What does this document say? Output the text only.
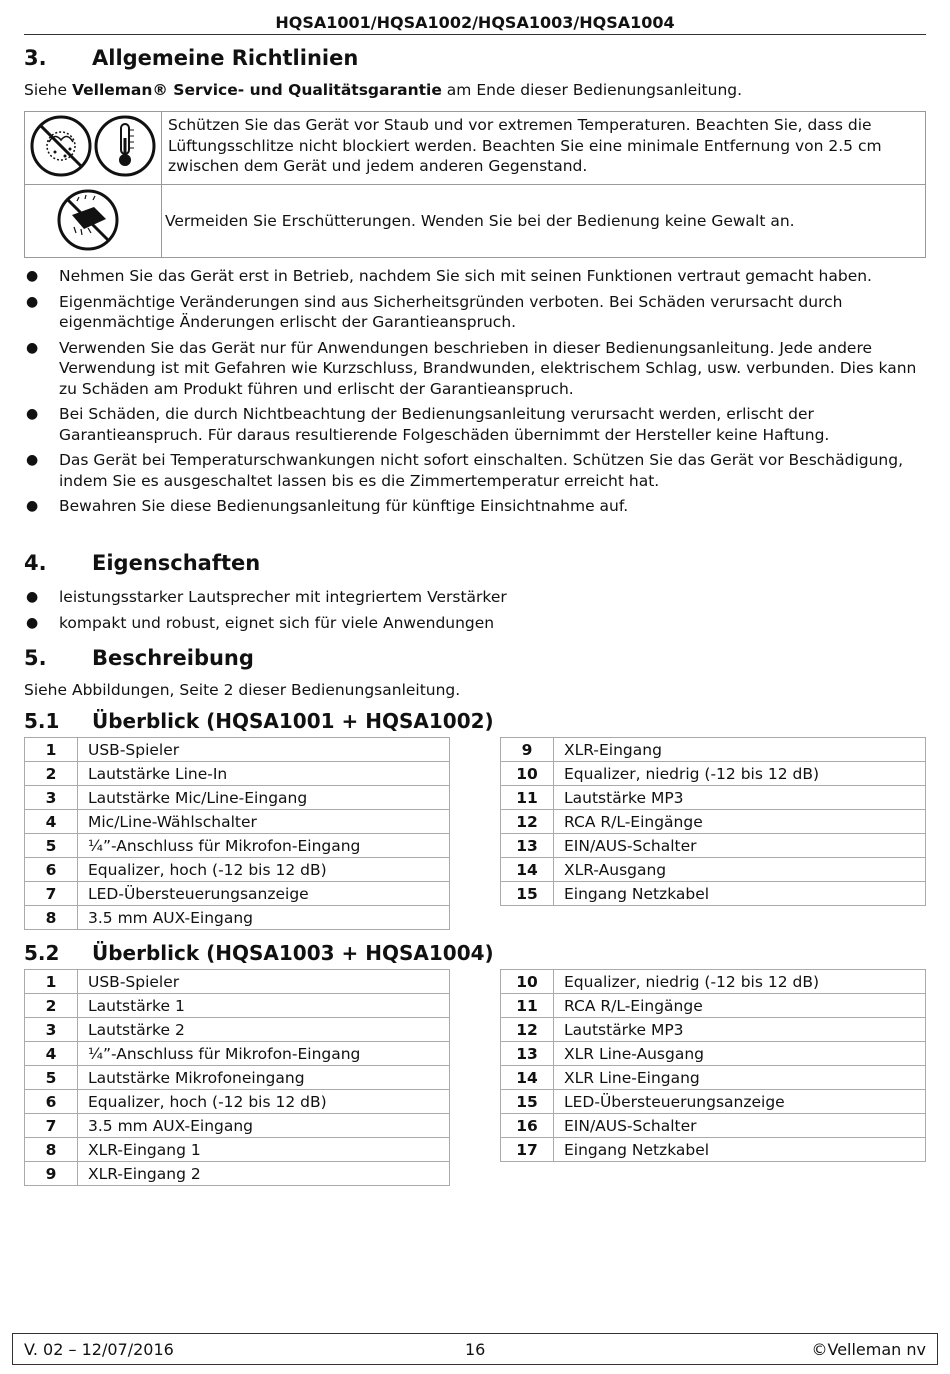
HQSA1001/HQSA1002/HQSA1003/HQSA1004
3. Allgemeine Richtlinien
Siehe Velleman® Service- und Qualitätsgarantie am Ende dieser Bedienungsanleitung.
	Schützen Sie das Gerät vor Staub und vor extremen Temperaturen. Beachten Sie, dass die Lüftungsschlitze nicht blockiert werden. Beachten Sie eine minimale Entfernung von 2.5 cm zwischen dem Gerät und jedem anderen Gegenstand.
	Vermeiden Sie Erschütterungen. Wenden Sie bei der Bedienung keine Gewalt an.
● Nehmen Sie das Gerät erst in Betrieb, nachdem Sie sich mit seinen Funktionen vertraut gemacht haben.
● Eigenmächtige Veränderungen sind aus Sicherheitsgründen verboten. Bei Schäden verursacht durch eigenmächtige Änderungen erlischt der Garantieanspruch.
● Verwenden Sie das Gerät nur für Anwendungen beschrieben in dieser Bedienungsanleitung. Jede andere Verwendung ist mit Gefahren wie Kurzschluss, Brandwunden, elektrischem Schlag, usw. verbunden. Dies kann zu Schäden am Produkt führen und erlischt der Garantieanspruch.
● Bei Schäden, die durch Nichtbeachtung der Bedienungsanleitung verursacht werden, erlischt der Garantieanspruch. Für daraus resultierende Folgeschäden übernimmt der Hersteller keine Haftung.
● Das Gerät bei Temperaturschwankungen nicht sofort einschalten. Schützen Sie das Gerät vor Beschädigung, indem Sie es ausgeschaltet lassen bis es die Zimmertemperatur erreicht hat.
● Bewahren Sie diese Bedienungsanleitung für künftige Einsichtnahme auf.
4. Eigenschaften
● leistungsstarker Lautsprecher mit integriertem Verstärker
● kompakt und robust, eignet sich für viele Anwendungen
5. Beschreibung
Siehe Abbildungen, Seite 2 dieser Bedienungsanleitung.
5.1 Überblick (HQSA1001 + HQSA1002)
1	USB-Spieler
2	Lautstärke Line-In
3	Lautstärke Mic/Line-Eingang
4	Mic/Line-Wählschalter
5	¼”-Anschluss für Mikrofon-Eingang
6	Equalizer, hoch (-12 bis 12 dB)
7	LED-Übersteuerungsanzeige
8	3.5 mm AUX-Eingang
9	XLR-Eingang
10	Equalizer, niedrig (-12 bis 12 dB)
11	Lautstärke MP3
12	RCA R/L-Eingänge
13	EIN/AUS-Schalter
14	XLR-Ausgang
15	Eingang Netzkabel
5.2 Überblick (HQSA1003 + HQSA1004)
1	USB-Spieler
2	Lautstärke 1
3	Lautstärke 2
4	¼”-Anschluss für Mikrofon-Eingang
5	Lautstärke Mikrofoneingang
6	Equalizer, hoch (-12 bis 12 dB)
7	3.5 mm AUX-Eingang
8	XLR-Eingang 1
9	XLR-Eingang 2
10	Equalizer, niedrig (-12 bis 12 dB)
11	RCA R/L-Eingänge
12	Lautstärke MP3
13	XLR Line-Ausgang
14	XLR Line-Eingang
15	LED-Übersteuerungsanzeige
16	EIN/AUS-Schalter
17	Eingang Netzkabel
V. 02 – 12/07/2016	16	©Velleman nv
